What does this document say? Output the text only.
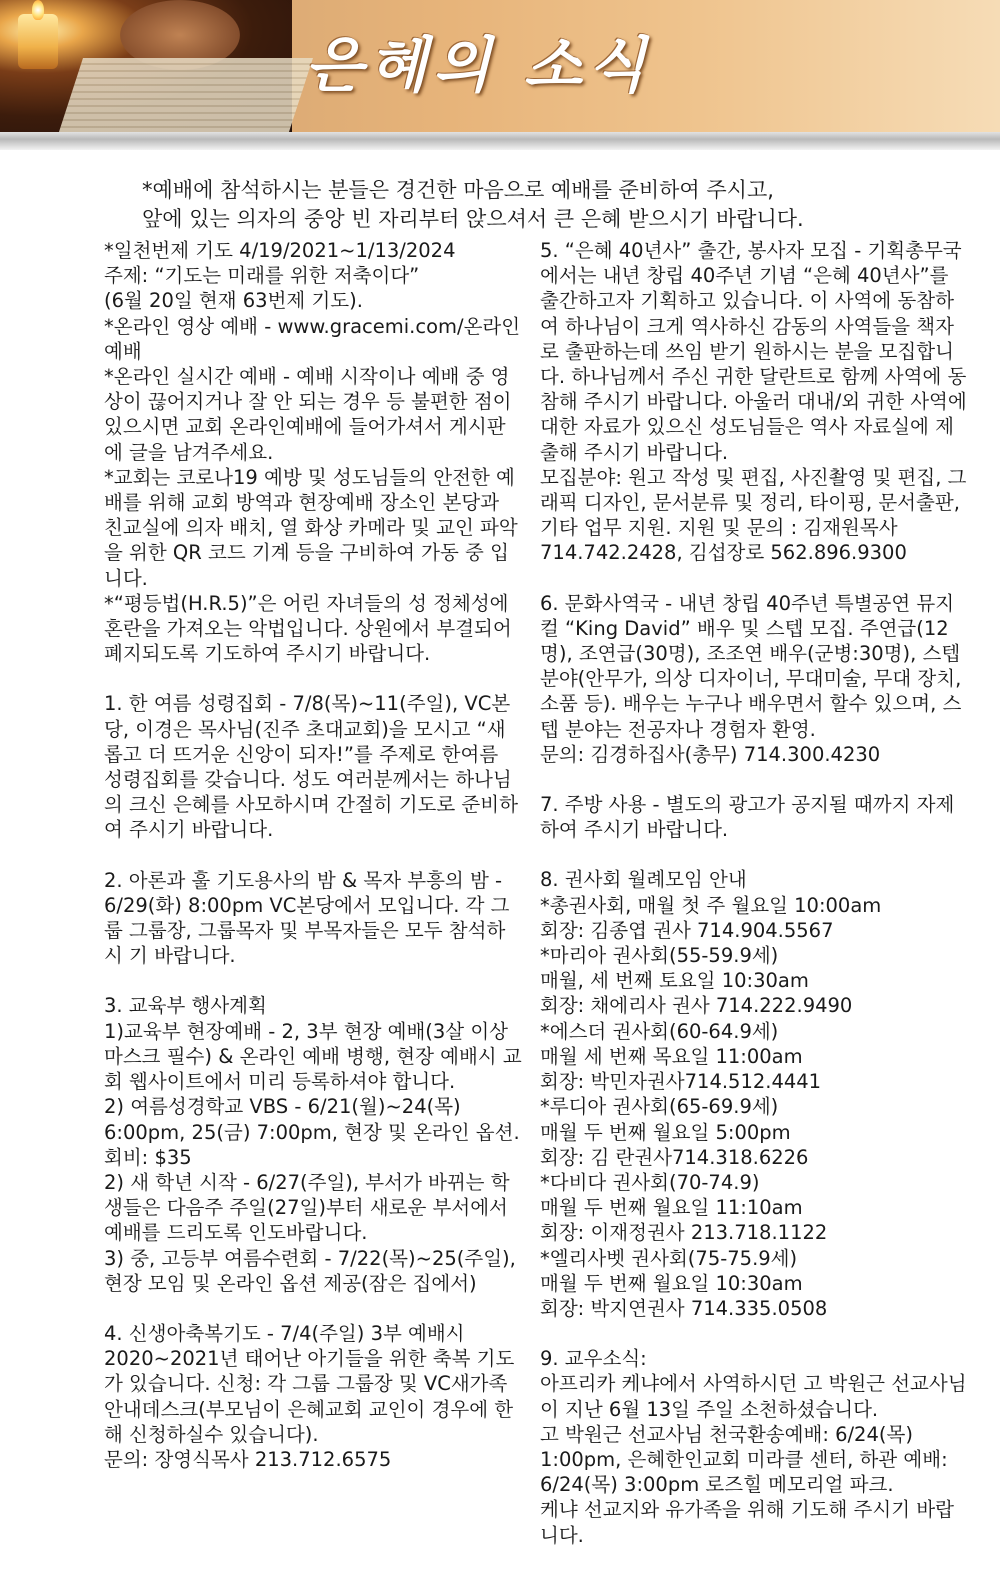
은혜의 소식
*예배에 참석하시는 분들은 경건한 마음으로 예배를 준비하여 주시고,
앞에 있는 의자의 중앙 빈 자리부터 앉으셔서 큰 은혜 받으시기 바랍니다.

*일천번제 기도 4/19/2021~1/13/2024

주제: “기도는 미래를 위한 저축이다”

(6월 20일 현재 63번제 기도).

*온라인 영상 예배 - www.gracemi.com/온라인예배

*온라인 실시간 예배 - 예배 시작이나 예배 중 영상이 끊어지거나 잘 안 되는 경우 등 불편한 점이 있으시면 교회 온라인예배에 들어가셔서 게시판에 글을 남겨주세요.

*교회는 코로나19 예방 및 성도님들의 안전한 예배를 위해 교회 방역과 현장예배 장소인 본당과 친교실에 의자 배치, 열 화상 카메라 및 교인 파악을 위한 QR 코드 기계 등을 구비하여 가동 중 입니다.

*“평등법(H.R.5)”은 어린 자녀들의 성 정체성에 혼란을 가져오는 악법입니다. 상원에서 부결되어 폐지되도록 기도하여 주시기 바랍니다.

1. 한 여름 성령집회 - 7/8(목)~11(주일), VC본당, 이경은 목사님(진주 초대교회)을 모시고 “새롭고 더 뜨거운 신앙이 되자!”를 주제로 한여름 성령집회를 갖습니다. 성도 여러분께서는 하나님의 크신 은혜를 사모하시며 간절히 기도로 준비하여 주시기 바랍니다.

2. 아론과 훌 기도용사의 밤 & 목자 부흥의 밤 - 6/29(화) 8:00pm VC본당에서 모입니다. 각 그룹 그룹장, 그룹목자 및 부목자들은 모두 참석하시 기 바랍니다.

3. 교육부 행사계획

1)교육부 현장예배 - 2, 3부 현장 예배(3살 이상 마스크 필수) & 온라인 예배 병행, 현장 예배시 교회 웹사이트에서 미리 등록하셔야 합니다.

2) 여름성경학교 VBS - 6/21(월)~24(목) 6:00pm, 25(금) 7:00pm, 현장 및 온라인 옵션. 회비: $35

2) 새 학년 시작 - 6/27(주일), 부서가 바뀌는 학생들은 다음주 주일(27일)부터 새로운 부서에서 예배를 드리도록 인도바랍니다.

3) 중, 고등부 여름수련회 - 7/22(목)~25(주일), 현장 모임 및 온라인 옵션 제공(잠은 집에서)

4. 신생아축복기도 - 7/4(주일) 3부 예배시 2020~2021년 태어난 아기들을 위한 축복 기도가 있습니다. 신청: 각 그룹 그룹장 및 VC새가족 안내데스크(부모님이 은혜교회 교인이 경우에 한해 신청하실수 있습니다).

문의: 장영식목사 213.712.6575

5. “은혜 40년사” 출간, 봉사자 모집 - 기획총무국에서는 내년 창립 40주년 기념 “은혜 40년사”를 출간하고자 기획하고 있습니다. 이 사역에 동참하여 하나님이 크게 역사하신 감동의 사역들을 책자로 출판하는데 쓰임 받기 원하시는 분을 모집합니다. 하나님께서 주신 귀한 달란트로 함께 사역에 동참해 주시기 바랍니다. 아울러 대내/외 귀한 사역에 대한 자료가 있으신 성도님들은 역사 자료실에 제출해 주시기 바랍니다.

모집분야: 원고 작성 및 편집, 사진촬영 및 편집, 그래픽 디자인, 문서분류 및 정리, 타이핑, 문서출판, 기타 업무 지원. 지원 및 문의 : 김재원목사 714.742.2428, 김섭장로 562.896.9300

6. 문화사역국 - 내년 창립 40주년 특별공연 뮤지컬 “King David” 배우 및 스텝 모집. 주연급(12명), 조연급(30명), 조조연 배우(군병:30명), 스텝분야(안무가, 의상 디자이너, 무대미술, 무대 장치, 소품 등). 배우는 누구나 배우면서 할수 있으며, 스텝 분야는 전공자나 경험자 환영.

문의: 김경하집사(총무) 714.300.4230

7. 주방 사용 - 별도의 광고가 공지될 때까지 자제하여 주시기 바랍니다.

8. 권사회 월례모임 안내

*총권사회, 매월 첫 주 월요일 10:00am

회장: 김종엽 권사 714.904.5567

*마리아 권사회(55-59.9세)

매월, 세 번째 토요일 10:30am

회장: 채에리사 권사 714.222.9490

*에스더 권사회(60-64.9세)

매월 세 번째 목요일 11:00am

회장: 박민자권사714.512.4441

*루디아 권사회(65-69.9세)

매월 두 번째 월요일 5:00pm

회장: 김 란권사714.318.6226

*다비다 권사회(70-74.9)

매월 두 번째 월요일 11:10am

회장: 이재정권사 213.718.1122

*엘리사벳 권사회(75-75.9세)

매월 두 번째 월요일 10:30am

회장: 박지연권사 714.335.0508

9. 교우소식:

아프리카 케냐에서 사역하시던 고 박원근 선교사님이 지난 6월 13일 주일 소천하셨습니다.

고 박원근 선교사님 천국환송예배: 6/24(목) 1:00pm, 은혜한인교회 미라클 센터, 하관 예배: 6/24(목) 3:00pm 로즈힐 메모리얼 파크.

케냐 선교지와 유가족을 위해 기도해 주시기 바랍니다.
